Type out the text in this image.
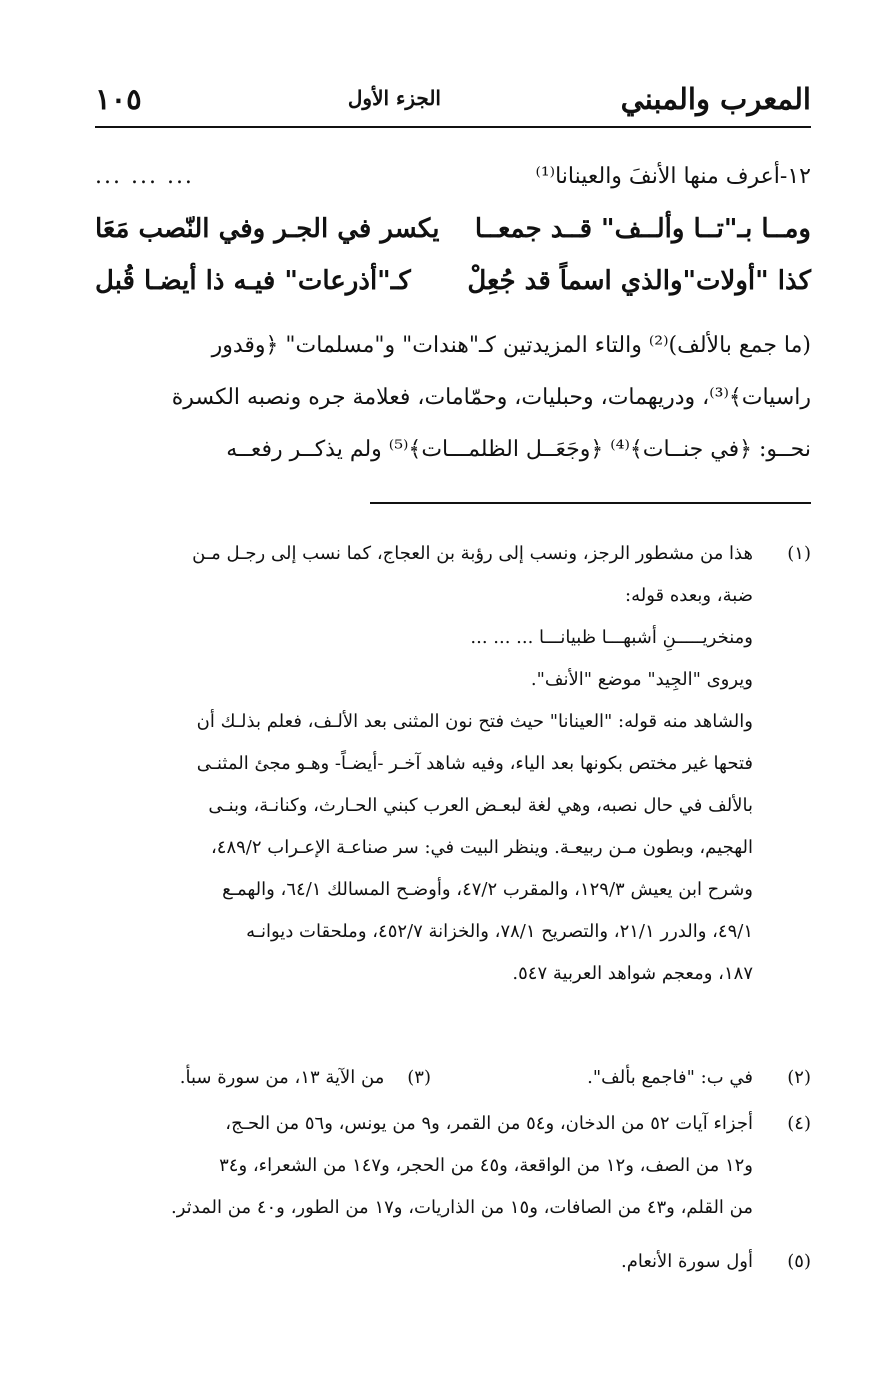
المعرب والمبني
الجزء الأول
١٠٥
١٢-أعرف منها الأنفَ والعينانا⁽¹⁾
... ... ...
ومــا بـ"تــا وألــف" قــد جمعــا
يكسر في الجـر وفي النّصب مَعَا
كذا "أولات"والذي اسماً قد جُعِلْ
كـ"أذرعات" فيـه ذا أيضـا قُبل
(ما جمع بالألف)⁽²⁾ والتاء المزيدتين كـ"هندات" و"مسلمات" ﴿وقدور
راسيات﴾⁽³⁾، ودريهمات، وحبليات، وحمّامات، فعلامة جره ونصبه الكسرة
نحــو: ﴿في جنــات﴾⁽⁴⁾ ﴿وجَعَــل الظلمـــات﴾⁽⁵⁾ ولم يذكــر رفعــه
(١)
هذا من مشطور الرجز، ونسب إلى رؤبة بن العجاج، كما نسب إلى رجـل مـن
ضبة، وبعده قوله:
ومنخريـــــنِ أشبهـــا ظبيانـــا ... ... ...
ويروى "الجِيد" موضع "الأنف".
والشاهد منه قوله: "العينانا" حيث فتح نون المثنى بعد الألـف، فعلم بذلـك أن
فتحها غير مختص بكونها بعد الياء، وفيه شاهد آخـر -أيضـاً- وهـو مجئ المثنـى
بالألف في حال نصبه، وهي لغة لبعـض العرب كبني الحـارث، وكنانـة، وبنـى
الهجيم، وبطون مـن ربيعـة. وينظر البيت في: سر صناعـة الإعـراب ٤٨٩/٢،
وشرح ابن يعيش ١٢٩/٣، والمقرب ٤٧/٢، وأوضـح المسالك ٦٤/١، والهمـع
٤٩/١، والدرر ٢١/١، والتصريح ٧٨/١، والخزانة ٤٥٢/٧، وملحقات ديوانـه
١٨٧، ومعجم شواهد العربية ٥٤٧.
(٢)
في ب: "فاجمع بألف".
(٣)    من الآية ١٣، من سورة سبأ.
(٤)
أجزاء آيات ٥٢ من الدخان، و٥٤ من القمر، و٩ من يونس، و٥٦ من الحـج،
و١٢ من الصف، و١٢ من الواقعة، و٤٥ من الحجر، و١٤٧ من الشعراء، و٣٤
من القلم، و٤٣ من الصافات، و١٥ من الذاريات، و١٧ من الطور، و٤٠ من المدثر.
(٥)
أول سورة الأنعام.
